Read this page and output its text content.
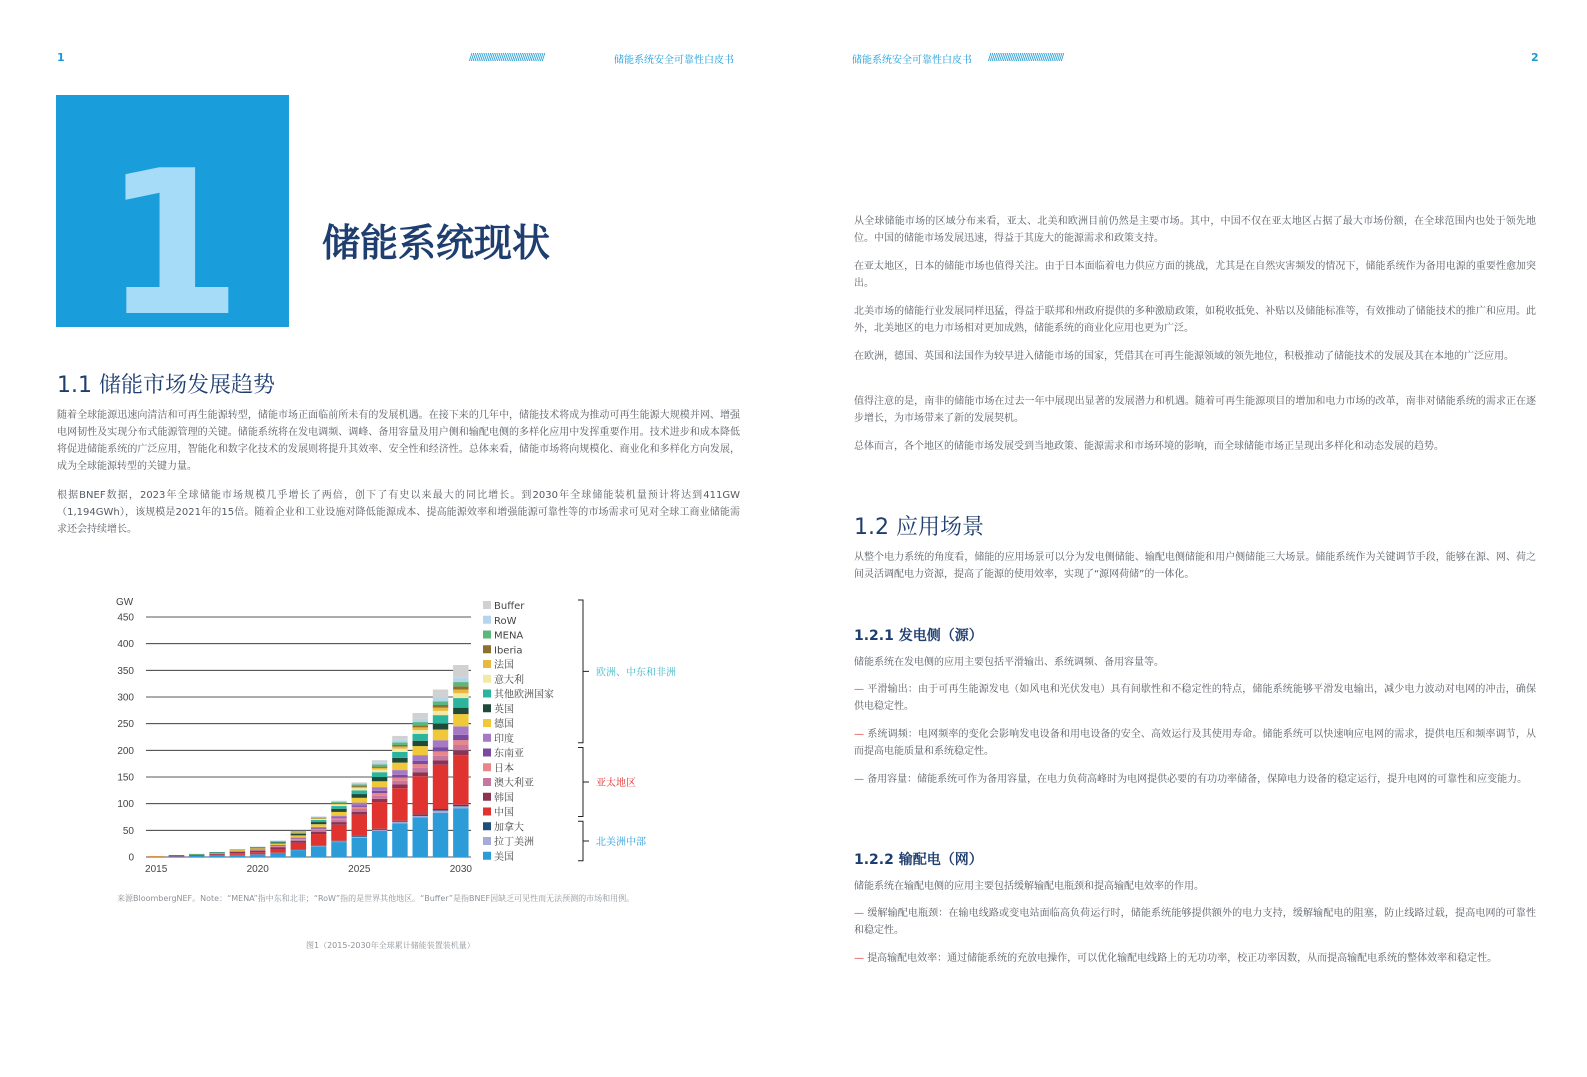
1	////////////////////////////////////////	储能系统安全可靠性白皮书
1	储能系统现状
1.1 储能市场发展趋势
随着全球能源迅速向清洁和可再生能源转型，储能市场正面临前所未有的发展机遇。在接下来的几年中，储能技术将成为推动可再生能源大规模并网、增强电网韧性及实现分布式能源管理的关键。储能系统将在发电调频、调峰、备用容量及用户侧和输配电侧的多样化应用中发挥重要作用。技术进步和成本降低将促进储能系统的广泛应用，智能化和数字化技术的发展则将提升其效率、安全性和经济性。总体来看，储能市场将向规模化、商业化和多样化方向发展，成为全球能源转型的关键力量。
根据BNEF数据，2023年全球储能市场规模几乎增长了两倍，创下了有史以来最大的同比增长。到2030年全球储能装机量预计将达到411GW（1,194GWh），该规模是2021年的15倍。随着企业和工业设施对降低能源成本、提高能源效率和增强能源可靠性等的市场需求可见对全球工商业储能需求还会持续增长。
0
50
100
150
200
250
300
350
400
450
GW
2015	2020	2025	2030
Buffer
RoW
MENA
Iberia
法国
意大利
其他欧洲国家
英国
德国
印度
东南亚
日本
澳大利亚
韩国
中国
加拿大
拉丁美洲
美国
欧洲、中东和非洲
亚太地区
北美洲中部
来源BloombergNEF。Note：“MENA”指中东和北非；“RoW”指的是世界其他地区。“Buffer”是指BNEF因缺乏可见性而无法预测的市场和用例。
图1（2015-2030年全球累计储能装置装机量）
储能系统安全可靠性白皮书 ////////////////////////////////////////	2
从全球储能市场的区域分布来看，亚太、北美和欧洲目前仍然是主要市场。其中，中国不仅在亚太地区占据了最大市场份额，在全球范围内也处于领先地位。中国的储能市场发展迅速，得益于其庞大的能源需求和政策支持。
在亚太地区，日本的储能市场也值得关注。由于日本面临着电力供应方面的挑战，尤其是在自然灾害频发的情况下，储能系统作为备用电源的重要性愈加突出。
北美市场的储能行业发展同样迅猛，得益于联邦和州政府提供的多种激励政策，如税收抵免、补贴以及储能标准等，有效推动了储能技术的推广和应用。此外，北美地区的电力市场相对更加成熟，储能系统的商业化应用也更为广泛。
在欧洲，德国、英国和法国作为较早进入储能市场的国家，凭借其在可再生能源领域的领先地位，积极推动了储能技术的发展及其在本地的广泛应用。
值得注意的是，南非的储能市场在过去一年中展现出显著的发展潜力和机遇。随着可再生能源项目的增加和电力市场的改革，南非对储能系统的需求正在逐步增长，为市场带来了新的发展契机。
总体而言，各个地区的储能市场发展受到当地政策、能源需求和市场环境的影响，而全球储能市场正呈现出多样化和动态发展的趋势。
1.2 应用场景
从整个电力系统的角度看，储能的应用场景可以分为发电侧储能、输配电侧储能和用户侧储能三大场景。储能系统作为关键调节手段，能够在源、网、荷之间灵活调配电力资源，提高了能源的使用效率，实现了“源网荷储”的一体化。
1.2.1 发电侧（源）
储能系统在发电侧的应用主要包括平滑输出、系统调频、备用容量等。
— 平滑输出：由于可再生能源发电（如风电和光伏发电）具有间歇性和不稳定性的特点，储能系统能够平滑发电输出，减少电力波动对电网的冲击，确保供电稳定性。
— 系统调频：电网频率的变化会影响发电设备和用电设备的安全、高效运行及其使用寿命。储能系统可以快速响应电网的需求，提供电压和频率调节，从而提高电能质量和系统稳定性。
— 备用容量：储能系统可作为备用容量，在电力负荷高峰时为电网提供必要的有功功率储备，保障电力设备的稳定运行，提升电网的可靠性和应变能力。
1.2.2 输配电（网）
储能系统在输配电侧的应用主要包括缓解输配电瓶颈和提高输配电效率的作用。
— 缓解输配电瓶颈：在输电线路或变电站面临高负荷运行时，储能系统能够提供额外的电力支持，缓解输配电的阻塞，防止线路过载，提高电网的可靠性和稳定性。
— 提高输配电效率：通过储能系统的充放电操作，可以优化输配电线路上的无功功率，校正功率因数，从而提高输配电系统的整体效率和稳定性。
